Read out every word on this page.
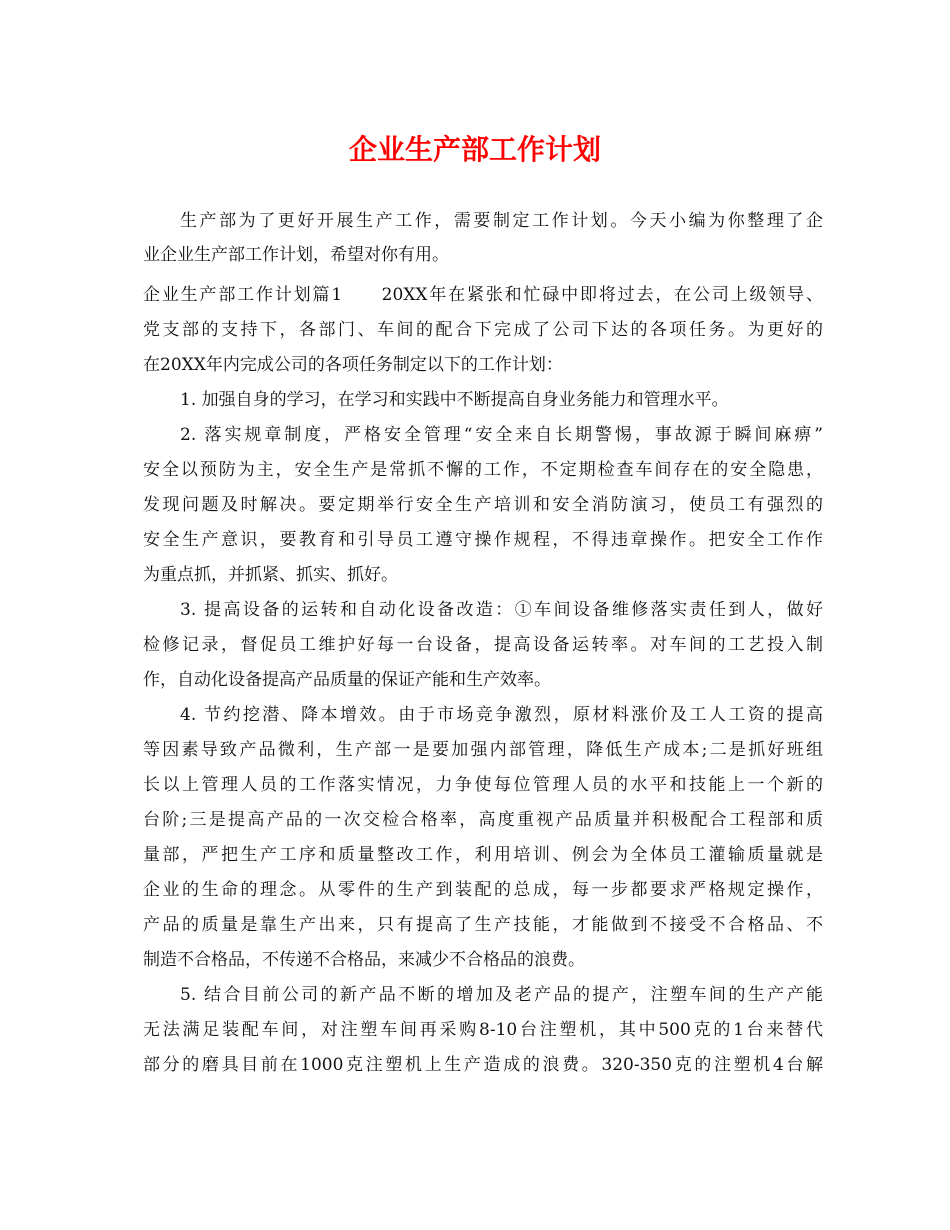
企业生产部工作计划

生产部为了更好开展生产工作，需要制定工作计划。今天小编为你整理了企

业企业生产部工作计划，希望对你有用。

企业生产部工作计划篇1　　20XX年在紧张和忙碌中即将过去，在公司上级领导、

党支部的支持下，各部门、车间的配合下完成了公司下达的各项任务。为更好的

在20XX年内完成公司的各项任务制定以下的工作计划：

1. 加强自身的学习，在学习和实践中不断提高自身业务能力和管理水平。

2. 落实规章制度，严格安全管理“安全来自长期警惕，事故源于瞬间麻痹”

安全以预防为主，安全生产是常抓不懈的工作，不定期检查车间存在的安全隐患，

发现问题及时解决。要定期举行安全生产培训和安全消防演习，使员工有强烈的

安全生产意识，要教育和引导员工遵守操作规程，不得违章操作。把安全工作作

为重点抓，并抓紧、抓实、抓好。

3. 提高设备的运转和自动化设备改造：①车间设备维修落实责任到人，做好

检修记录，督促员工维护好每一台设备，提高设备运转率。对车间的工艺投入制

作，自动化设备提高产品质量的保证产能和生产效率。

4. 节约挖潜、降本增效。由于市场竞争激烈，原材料涨价及工人工资的提高

等因素导致产品微利，生产部一是要加强内部管理，降低生产成本;二是抓好班组

长以上管理人员的工作落实情况，力争使每位管理人员的水平和技能上一个新的

台阶;三是提高产品的一次交检合格率，高度重视产品质量并积极配合工程部和质

量部，严把生产工序和质量整改工作，利用培训、例会为全体员工灌输质量就是

企业的生命的理念。从零件的生产到装配的总成，每一步都要求严格规定操作，

产品的质量是靠生产出来，只有提高了生产技能，才能做到不接受不合格品、不

制造不合格品，不传递不合格品，来减少不合格品的浪费。

5. 结合目前公司的新产品不断的增加及老产品的提产，注塑车间的生产产能

无法满足装配车间，对注塑车间再采购8-10台注塑机，其中500克的1台来替代

部分的磨具目前在1000克注塑机上生产造成的浪费。320-350克的注塑机4台解
